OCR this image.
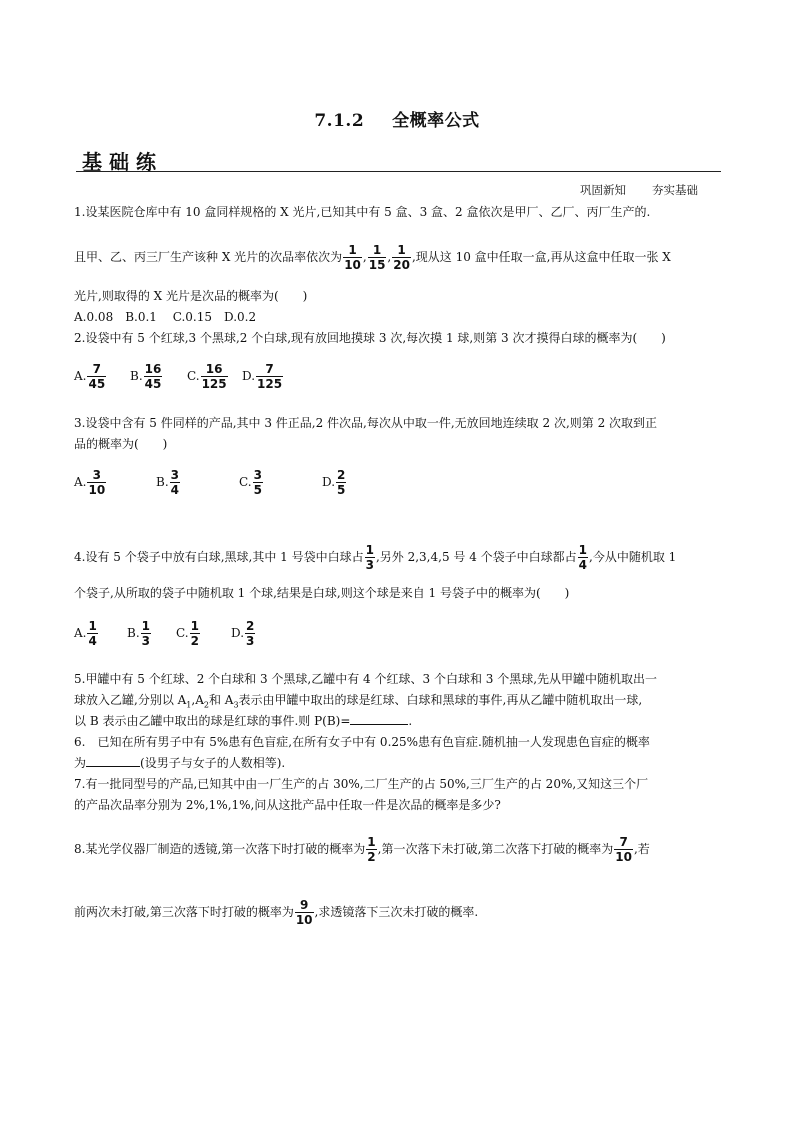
7.1.2 全概率公式
基础练
巩固新知 夯实基础
1.设某医院仓库中有 10 盒同样规格的 X 光片,已知其中有 5 盒、3 盒、2 盒依次是甲厂、乙厂、丙厂生产的.
且甲、乙、丙三厂生产该种 X 光片的次品率依次为 $\frac{1}{10}$ , $\frac{1}{15}$ , $\frac{1}{20}$ ,现从这 10 盒中任取一盒,再从这盒中任取一张 X
光片,则取得的 X 光片是次品的概率为(　　)
A.0.08　B.0.1　 C.0.15　D.0.2
2.设袋中有 5 个红球,3 个黑球,2 个白球,现有放回地摸球 3 次,每次摸 1 球,则第 3 次才摸得白球的概率为(　　)
A. $\frac{7}{45} B$. $\frac{16}{45} C$. $\frac{16}{125} D$. $\frac{7}{125}$
3.设袋中含有 5 件同样的产品,其中 3 件正品,2 件次品,每次从中取一件,无放回地连续取 2 次,则第 2 次取到正
品的概率为(　　)
A. $\frac{3}{10}$	B. $\frac{3}{4}$	C. $\frac{3}{5}$	D. $\frac{2}{5}$
4.设有 5 个袋子中放有白球,黑球,其中 1 号袋中白球占 $\frac{1}{3}$ ,另外 2,3,4,5 号 4 个袋子中白球都占 $\frac{1}{4}$ ,今从中随机取 1
个袋子,从所取的袋子中随机取 1 个球,结果是白球,则这个球是来自 1 号袋子中的概率为(　　)
A. $\frac{1}{4} B$. $\frac{1}{3} C$. $\frac{1}{2}$	D. $\frac{2}{3}$
5.甲罐中有 5 个红球、2 个白球和 3 个黑球,乙罐中有 4 个红球、3 个白球和 3 个黑球,先从甲罐中随机取出一
球放入乙罐,分别以 $A_1,A_2$和 $A_3$表示由甲罐中取出的球是红球、白球和黑球的事件,再从乙罐中随机取出一球,
以 B 表示由乙罐中取出的球是红球的事件.则 P(B)=	.
6.　已知在所有男子中有 5%患有色盲症,在所有女子中有 0.25%患有色盲症.随机抽一人发现患色盲症的概率
为	(设男子与女子的人数相等).
7.有一批同型号的产品,已知其中由一厂生产的占 30%,二厂生产的占 50%,三厂生产的占 20%,又知这三个厂
的产品次品率分别为 2%,1%,1%,问从这批产品中任取一件是次品的概率是多少?
8.某光学仪器厂制造的透镜,第一次落下时打破的概率为 $\frac{1}{2}$ ,第一次落下未打破,第二次落下打破的概率为 $\frac{7}{10}$ ,若
前两次未打破,第三次落下时打破的概率为 $\frac{9}{10}$ ,求透镜落下三次未打破的概率.
